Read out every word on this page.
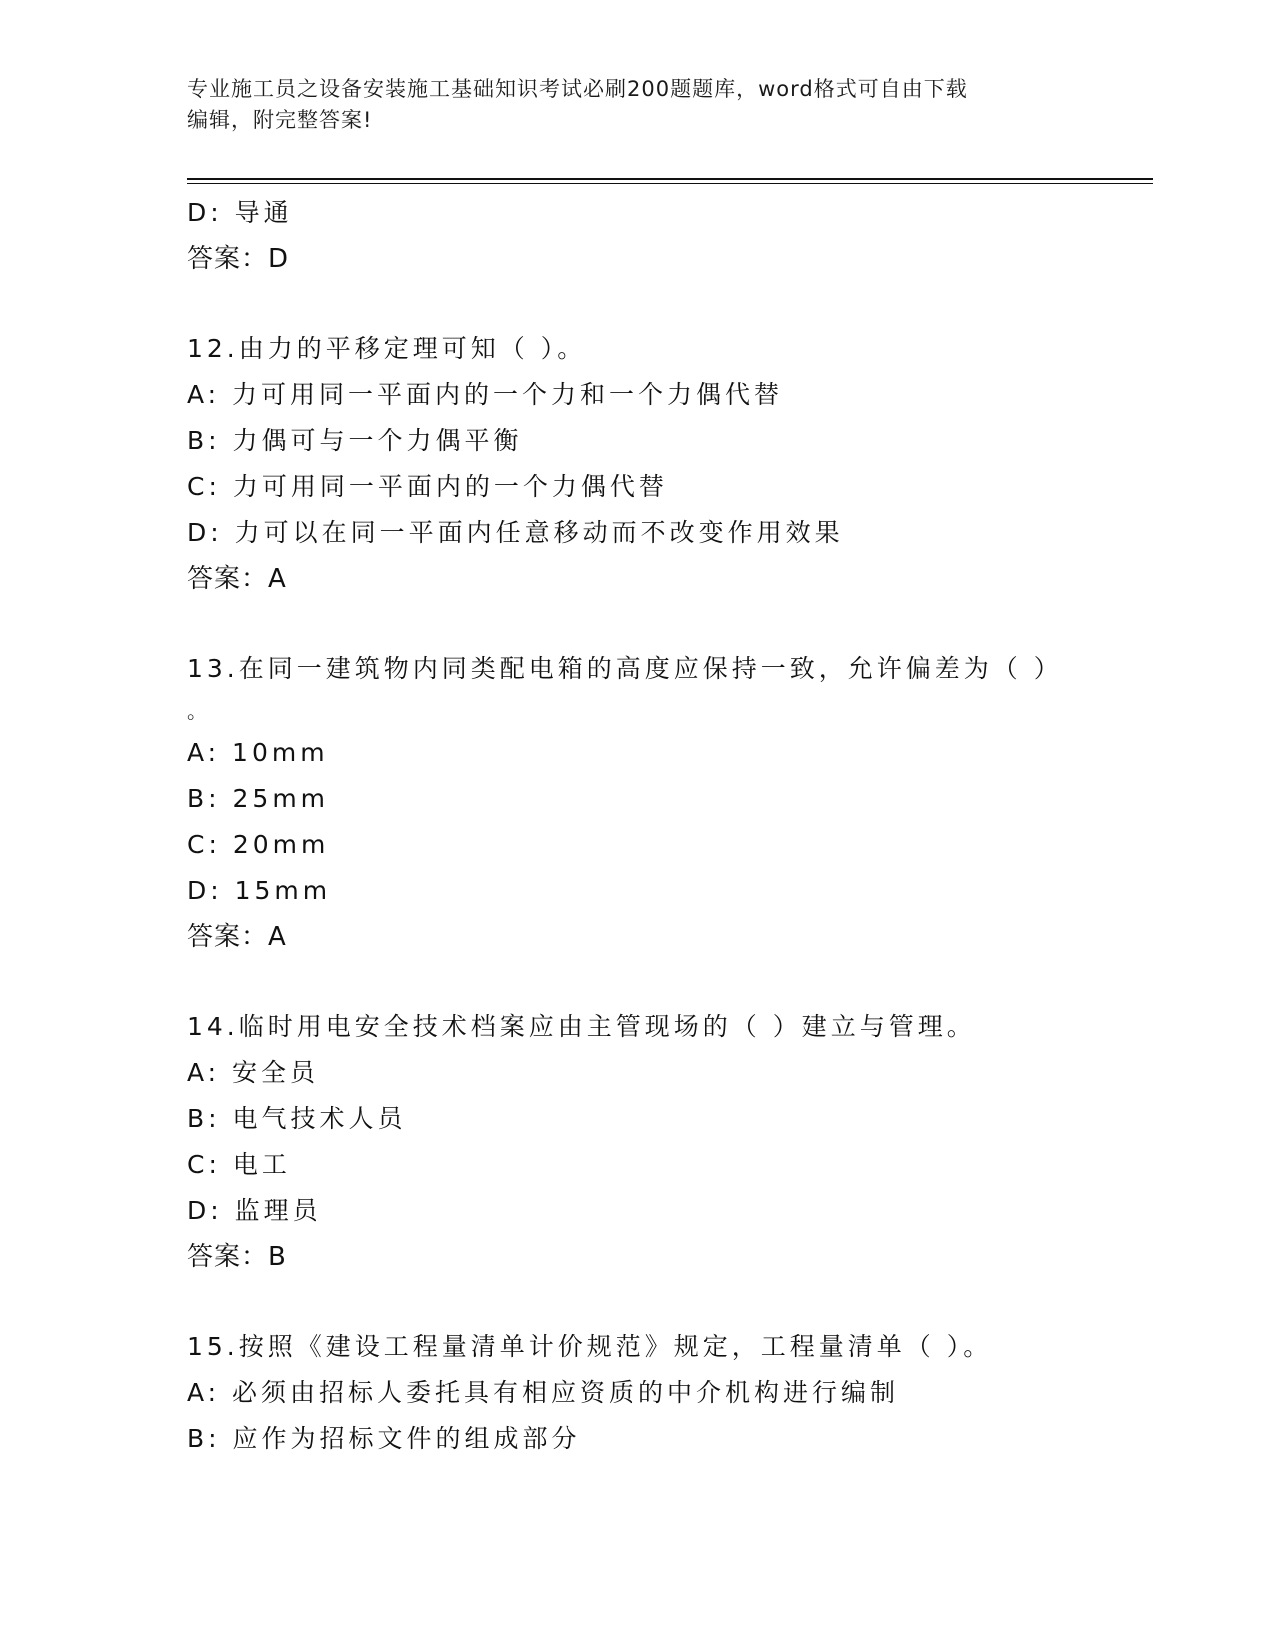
专业施工员之设备安装施工基础知识考试必刷200题题库，word格式可自由下载
编辑，附完整答案!
D: 导通
答案：D
12.由力的平移定理可知（ ）。
A: 力可用同一平面内的一个力和一个力偶代替
B: 力偶可与一个力偶平衡
C: 力可用同一平面内的一个力偶代替
D: 力可以在同一平面内任意移动而不改变作用效果
答案：A
13.在同一建筑物内同类配电箱的高度应保持一致，允许偏差为（ ）
。
A: 10mm
B: 25mm
C: 20mm
D: 15mm
答案：A
14.临时用电安全技术档案应由主管现场的（ ）建立与管理。
A: 安全员
B: 电气技术人员
C: 电工
D: 监理员
答案：B
15.按照《建设工程量清单计价规范》规定，工程量清单（ ）。
A: 必须由招标人委托具有相应资质的中介机构进行编制
B: 应作为招标文件的组成部分
